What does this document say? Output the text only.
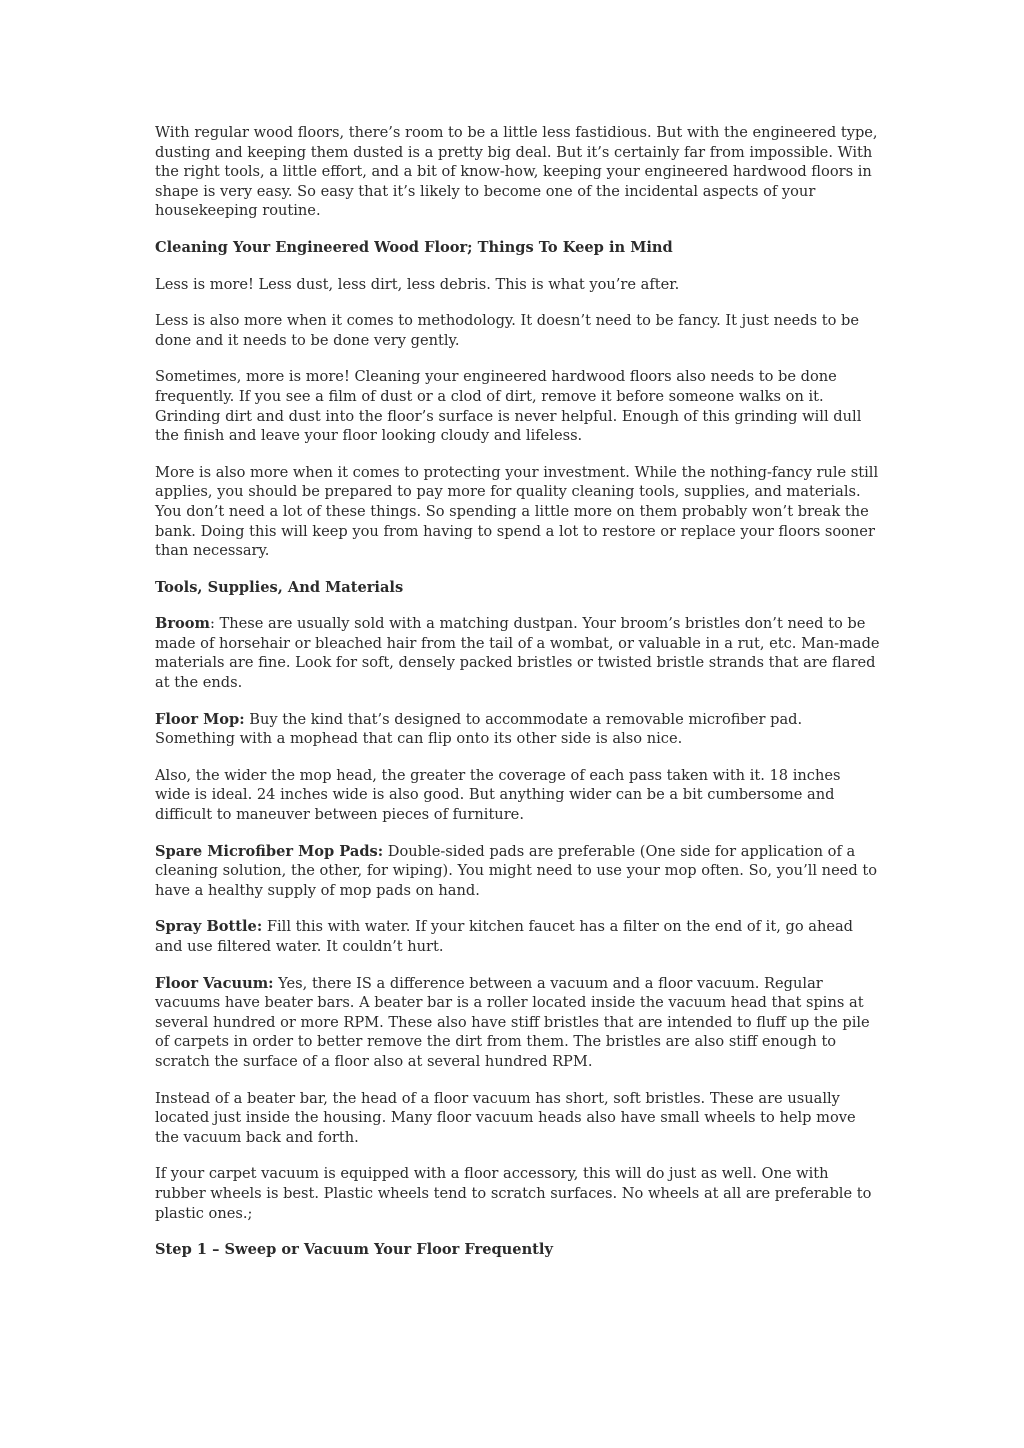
With regular wood floors, there’s room to be a little less fastidious. But with the engineered type, dusting and keeping them dusted is a pretty big deal. But it’s certainly far from impossible. With the right tools, a little effort, and a bit of know-how, keeping your engineered hardwood floors in shape is very easy. So easy that it’s likely to become one of the incidental aspects of your housekeeping routine.

Cleaning Your Engineered Wood Floor; Things To Keep in Mind

Less is more! Less dust, less dirt, less debris. This is what you’re after.

Less is also more when it comes to methodology. It doesn’t need to be fancy. It just needs to be done and it needs to be done very gently.

Sometimes, more is more! Cleaning your engineered hardwood floors also needs to be done frequently. If you see a film of dust or a clod of dirt, remove it before someone walks on it. Grinding dirt and dust into the floor’s surface is never helpful. Enough of this grinding will dull the finish and leave your floor looking cloudy and lifeless.

More is also more when it comes to protecting your investment. While the nothing-fancy rule still applies, you should be prepared to pay more for quality cleaning tools, supplies, and materials. You don’t need a lot of these things. So spending a little more on them probably won’t break the bank. Doing this will keep you from having to spend a lot to restore or replace your floors sooner than necessary.

Tools, Supplies, And Materials

Broom: These are usually sold with a matching dustpan. Your broom’s bristles don’t need to be made of horsehair or bleached hair from the tail of a wombat, or valuable in a rut, etc. Man-made materials are fine. Look for soft, densely packed bristles or twisted bristle strands that are flared at the ends.

Floor Mop: Buy the kind that’s designed to accommodate a removable microfiber pad. Something with a mophead that can flip onto its other side is also nice.

Also, the wider the mop head, the greater the coverage of each pass taken with it. 18 inches wide is ideal. 24 inches wide is also good. But anything wider can be a bit cumbersome and difficult to maneuver between pieces of furniture.

Spare Microfiber Mop Pads: Double-sided pads are preferable (One side for application of a cleaning solution, the other, for wiping). You might need to use your mop often. So, you’ll need to have a healthy supply of mop pads on hand.

Spray Bottle: Fill this with water. If your kitchen faucet has a filter on the end of it, go ahead and use filtered water. It couldn’t hurt.

Floor Vacuum: Yes, there IS a difference between a vacuum and a floor vacuum. Regular vacuums have beater bars. A beater bar is a roller located inside the vacuum head that spins at several hundred or more RPM. These also have stiff bristles that are intended to fluff up the pile of carpets in order to better remove the dirt from them. The bristles are also stiff enough to scratch the surface of a floor also at several hundred RPM.

Instead of a beater bar, the head of a floor vacuum has short, soft bristles. These are usually located just inside the housing. Many floor vacuum heads also have small wheels to help move the vacuum back and forth.

If your carpet vacuum is equipped with a floor accessory, this will do just as well. One with rubber wheels is best. Plastic wheels tend to scratch surfaces. No wheels at all are preferable to plastic ones.;

Step 1 – Sweep or Vacuum Your Floor Frequently
